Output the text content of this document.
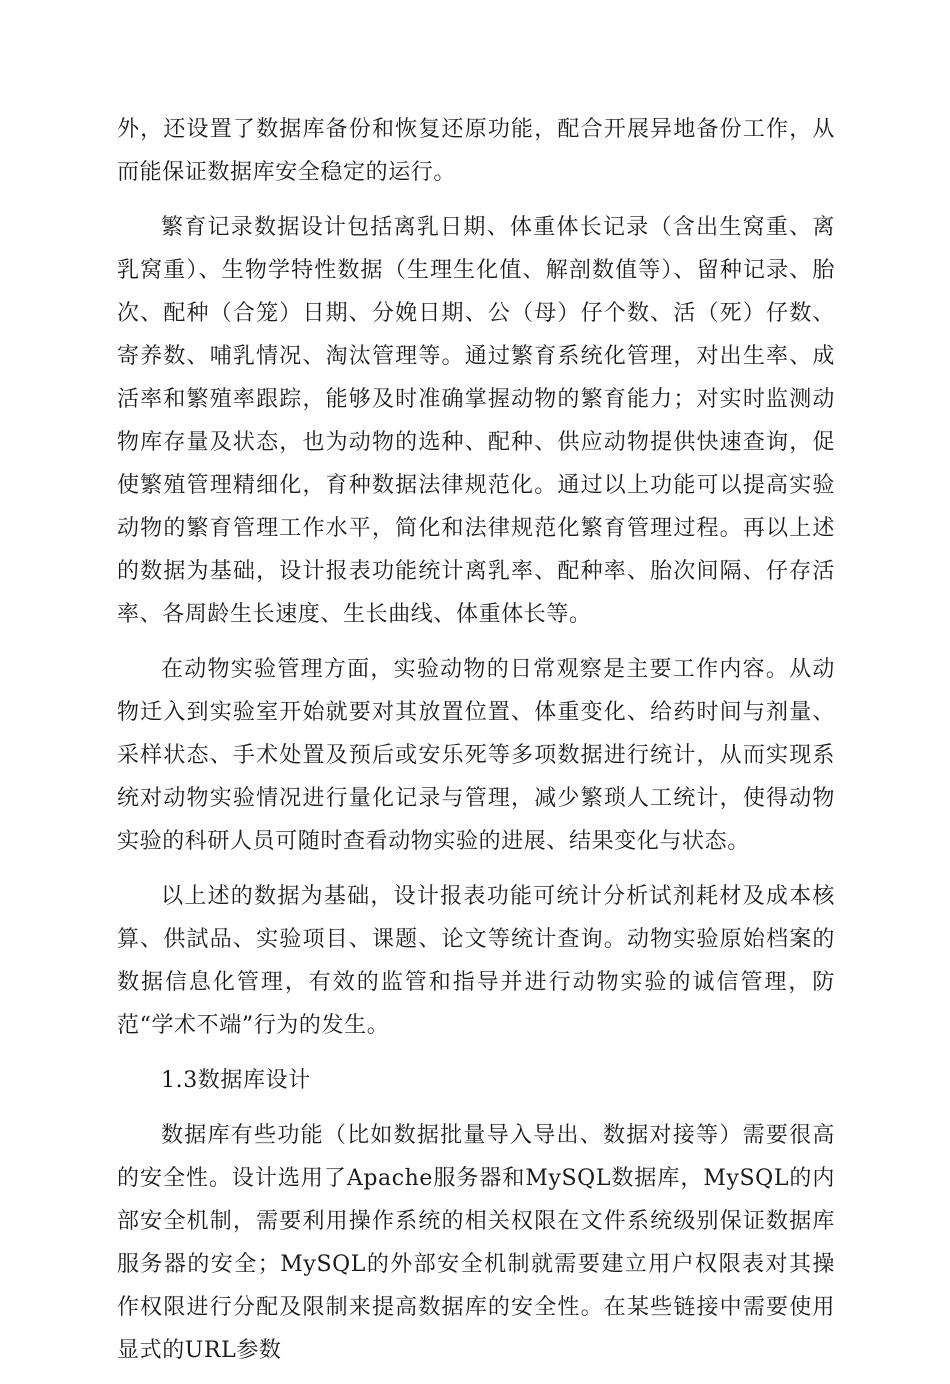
外，还设置了数据库备份和恢复还原功能，配合开展异地备份工作，从而能保证数据库安全稳定的运行。

繁育记录数据设计包括离乳日期、体重体长记录（含出生窝重、离乳窝重）、生物学特性数据（生理生化值、解剖数值等）、留种记录、胎次、配种（合笼）日期、分娩日期、公（母）仔个数、活（死）仔数、寄养数、哺乳情况、淘汰管理等。通过繁育系统化管理，对出生率、成活率和繁殖率跟踪，能够及时准确掌握动物的繁育能力；对实时监测动物库存量及状态，也为动物的选种、配种、供应动物提供快速查询，促使繁殖管理精细化，育种数据法律规范化。通过以上功能可以提高实验动物的繁育管理工作水平，简化和法律规范化繁育管理过程。再以上述的数据为基础，设计报表功能统计离乳率、配种率、胎次间隔、仔存活率、各周龄生长速度、生长曲线、体重体长等。

在动物实验管理方面，实验动物的日常观察是主要工作内容。从动物迁入到实验室开始就要对其放置位置、体重变化、给药时间与剂量、采样状态、手术处置及预后或安乐死等多项数据进行统计，从而实现系统对动物实验情况进行量化记录与管理，减少繁琐人工统计，使得动物实验的科研人员可随时查看动物实验的进展、结果变化与状态。

以上述的数据为基础，设计报表功能可统计分析试剂耗材及成本核算、供試品、实验项目、课题、论文等统计查询。动物实验原始档案的数据信息化管理，有效的监管和指导并进行动物实验的诚信管理，防范“学术不端”行为的发生。

1.3数据库设计

数据库有些功能（比如数据批量导入导出、数据对接等）需要很高的安全性。设计选用了Apache服务器和MySQL数据库，MySQL的内部安全机制，需要利用操作系统的相关权限在文件系统级别保证数据库服务器的安全；MySQL的外部安全机制就需要建立用户权限表对其操作权限进行分配及限制来提高数据库的安全性。在某些链接中需要使用显式的URL参数
